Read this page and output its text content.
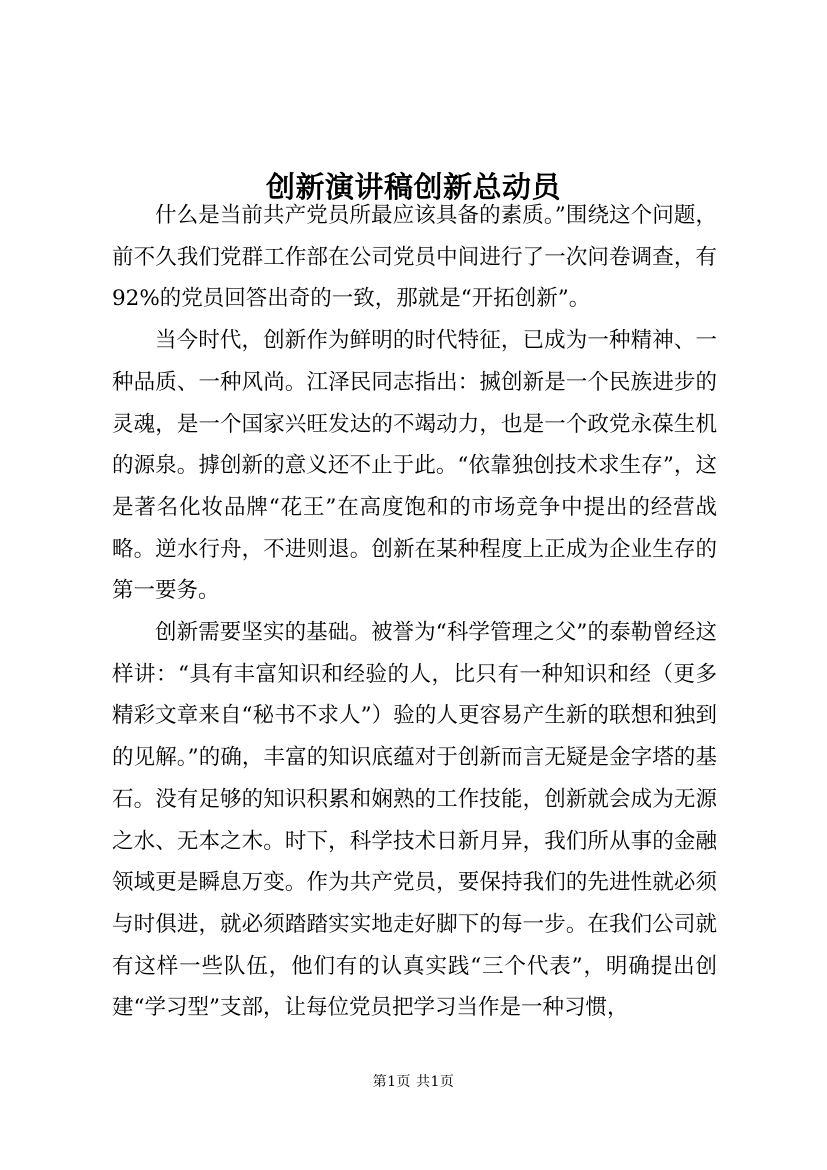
创新演讲稿创新总动员

什么是当前共产党员所最应该具备的素质。”围绕这个问题，前不久我们党群工作部在公司党员中间进行了一次问卷调查，有92%的党员回答出奇的一致，那就是“开拓创新”。

当今时代，创新作为鲜明的时代特征，已成为一种精神、一种品质、一种风尚。江泽民同志指出：搣创新是一个民族进步的灵魂，是一个国家兴旺发达的不竭动力，也是一个政党永葆生机的源泉。摢创新的意义还不止于此。“依靠独创技术求生存”，这是著名化妆品牌“花王”在高度饱和的市场竞争中提出的经营战略。逆水行舟，不进则退。创新在某种程度上正成为企业生存的第一要务。

创新需要坚实的基础。被誉为“科学管理之父”的泰勒曾经这样讲：“具有丰富知识和经验的人，比只有一种知识和经（更多精彩文章来自“秘书不求人”）验的人更容易产生新的联想和独到的见解。”的确，丰富的知识底蕴对于创新而言无疑是金字塔的基石。没有足够的知识积累和娴熟的工作技能，创新就会成为无源之水、无本之木。时下，科学技术日新月异，我们所从事的金融领域更是瞬息万变。作为共产党员，要保持我们的先进性就必须与时俱进，就必须踏踏实实地走好脚下的每一步。在我们公司就有这样一些队伍，他们有的认真实践“三个代表”，明确提出创建“学习型”支部，让每位党员把学习当作是一种习惯，

第1页 共1页
